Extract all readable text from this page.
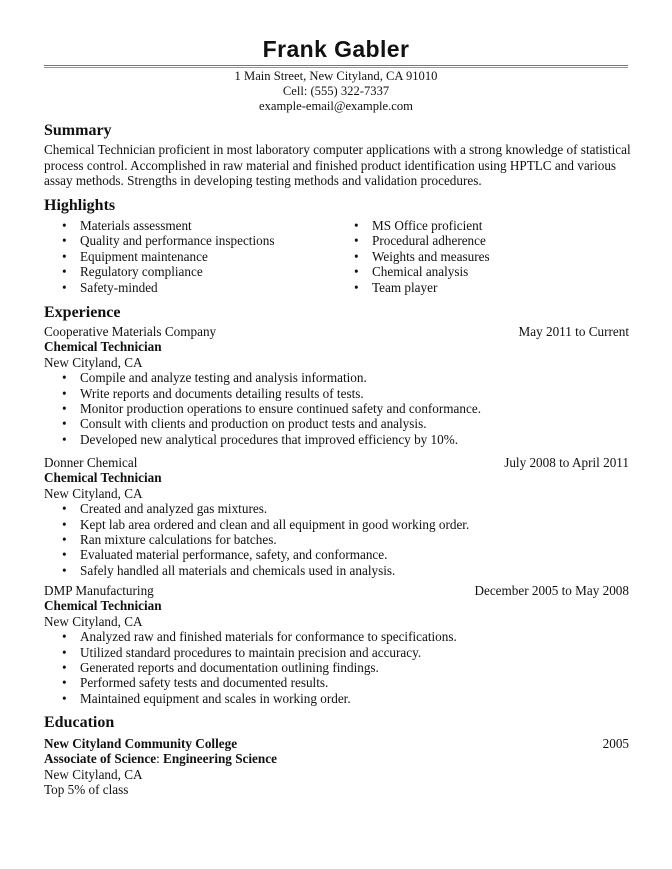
Frank Gabler
1 Main Street, New Cityland, CA 91010
Cell: (555) 322-7337
example-email@example.com
Summary
Chemical Technician proficient in most laboratory computer applications with a strong knowledge of statistical process control. Accomplished in raw material and finished product identification using HPTLC and various assay methods. Strengths in developing testing methods and validation procedures.
Highlights
• Materials assessment
• Quality and performance inspections
• Equipment maintenance
• Regulatory compliance
• Safety-minded
• MS Office proficient
• Procedural adherence
• Weights and measures
• Chemical analysis
• Team player
Experience
Cooperative Materials Company	May 2011 to Current
Chemical Technician
New Cityland, CA
• Compile and analyze testing and analysis information.
• Write reports and documents detailing results of tests.
• Monitor production operations to ensure continued safety and conformance.
• Consult with clients and production on product tests and analysis.
• Developed new analytical procedures that improved efficiency by 10%.
Donner Chemical	July 2008 to April 2011
Chemical Technician
New Cityland, CA
• Created and analyzed gas mixtures.
• Kept lab area ordered and clean and all equipment in good working order.
• Ran mixture calculations for batches.
• Evaluated material performance, safety, and conformance.
• Safely handled all materials and chemicals used in analysis.
DMP Manufacturing	December 2005 to May 2008
Chemical Technician
New Cityland, CA
• Analyzed raw and finished materials for conformance to specifications.
• Utilized standard procedures to maintain precision and accuracy.
• Generated reports and documentation outlining findings.
• Performed safety tests and documented results.
• Maintained equipment and scales in working order.
Education
New Cityland Community College	2005
Associate of Science: Engineering Science
New Cityland, CA
Top 5% of class
